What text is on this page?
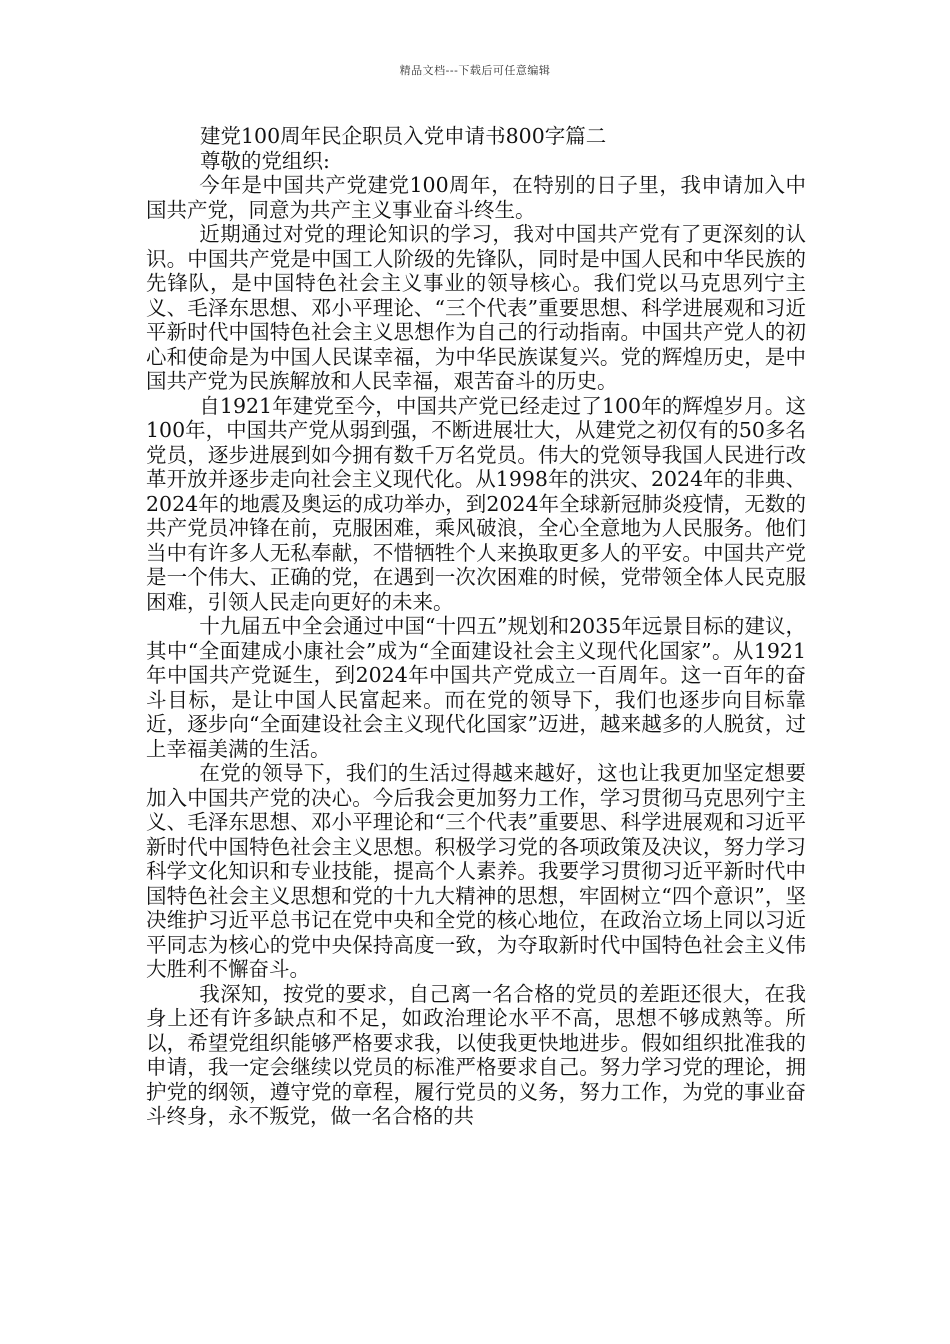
精品文档---下载后可任意编辑
建党100周年民企职员入党申请书800字篇二
尊敬的党组织:

今年是中国共产党建党100周年，在特别的日子里，我申请加入中国共产党，同意为共产主义事业奋斗终生。

近期通过对党的理论知识的学习，我对中国共产党有了更深刻的认识。中国共产党是中国工人阶级的先锋队，同时是中国人民和中华民族的先锋队，是中国特色社会主义事业的领导核心。我们党以马克思列宁主义、毛泽东思想、邓小平理论、“三个代表”重要思想、科学进展观和习近平新时代中国特色社会主义思想作为自己的行动指南。中国共产党人的初心和使命是为中国人民谋幸福，为中华民族谋复兴。党的辉煌历史，是中国共产党为民族解放和人民幸福，艰苦奋斗的历史。

自1921年建党至今，中国共产党已经走过了100年的辉煌岁月。这100年，中国共产党从弱到强，不断进展壮大，从建党之初仅有的50多名党员，逐步进展到如今拥有数千万名党员。伟大的党领导我国人民进行改革开放并逐步走向社会主义现代化。从1998年的洪灾、2024年的非典、2024年的地震及奥运的成功举办，到2024年全球新冠肺炎疫情，无数的共产党员冲锋在前，克服困难，乘风破浪，全心全意地为人民服务。他们当中有许多人无私奉献，不惜牺牲个人来换取更多人的平安。中国共产党是一个伟大、正确的党，在遇到一次次困难的时候，党带领全体人民克服困难，引领人民走向更好的未来。

十九届五中全会通过中国“十四五”规划和2035年远景目标的建议，其中“全面建成小康社会”成为“全面建设社会主义现代化国家”。从1921年中国共产党诞生，到2024年中国共产党成立一百周年。这一百年的奋斗目标，是让中国人民富起来。而在党的领导下，我们也逐步向目标靠近，逐步向“全面建设社会主义现代化国家”迈进，越来越多的人脱贫，过上幸福美满的生活。

在党的领导下，我们的生活过得越来越好，这也让我更加坚定想要加入中国共产党的决心。今后我会更加努力工作，学习贯彻马克思列宁主义、毛泽东思想、邓小平理论和“三个代表”重要思、科学进展观和习近平新时代中国特色社会主义思想。积极学习党的各项政策及决议，努力学习科学文化知识和专业技能，提高个人素养。我要学习贯彻习近平新时代中国特色社会主义思想和党的十九大精神的思想，牢固树立“四个意识”，坚决维护习近平总书记在党中央和全党的核心地位，在政治立场上同以习近平同志为核心的党中央保持高度一致，为夺取新时代中国特色社会主义伟大胜利不懈奋斗。

我深知，按党的要求，自己离一名合格的党员的差距还很大，在我身上还有许多缺点和不足，如政治理论水平不高，思想不够成熟等。所以，希望党组织能够严格要求我，以使我更快地进步。假如组织批准我的申请，我一定会继续以党员的标准严格要求自己。努力学习党的理论，拥护党的纲领，遵守党的章程，履行党员的义务，努力工作，为党的事业奋斗终身，永不叛党，做一名合格的共
